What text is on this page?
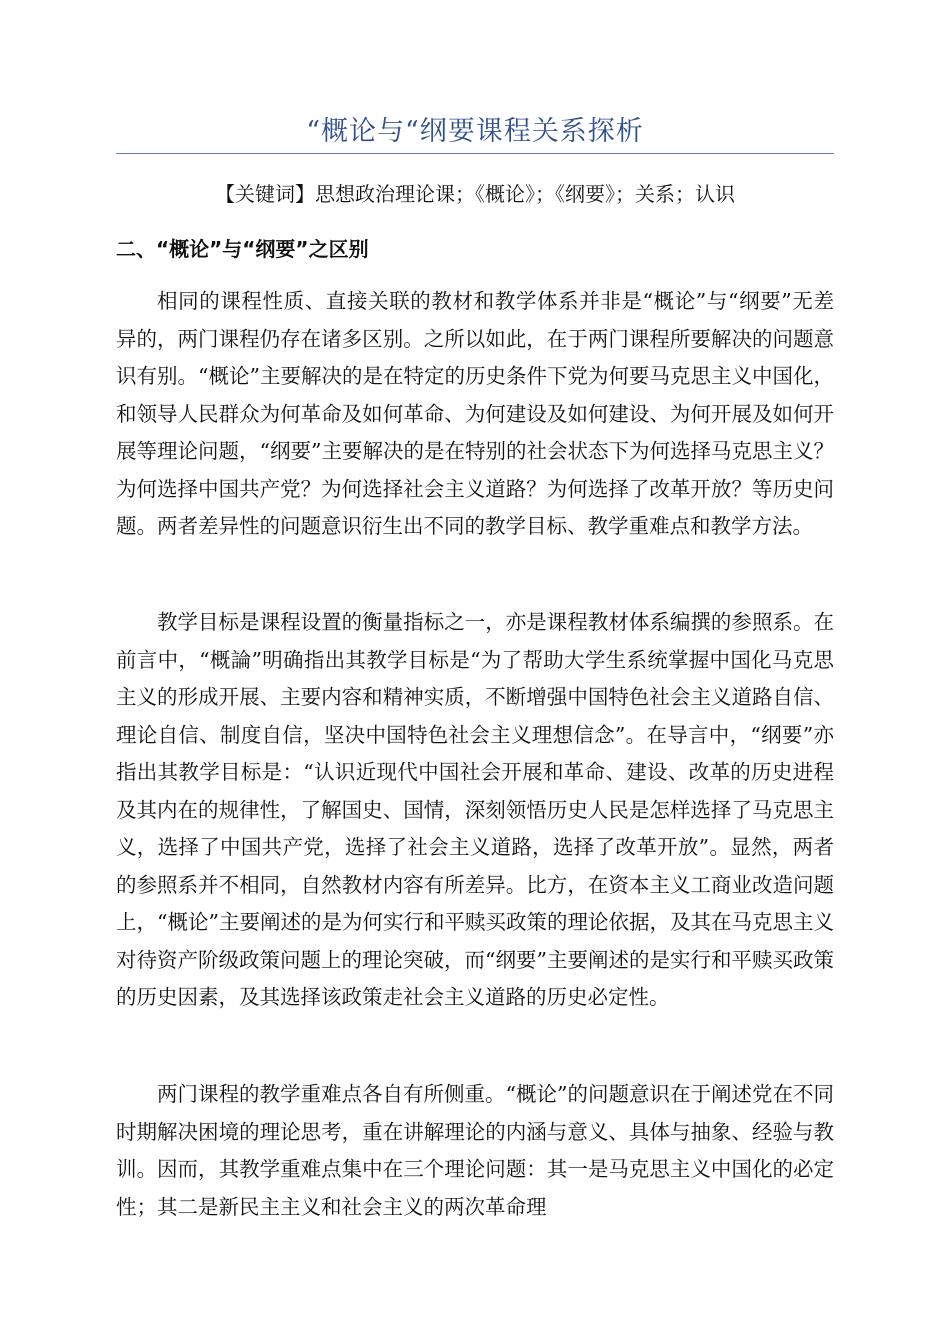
“概论与“纲要课程关系探析
【关键词】思想政治理论课；《概论》；《纲要》；关系；认识
二、“概论”与“纲要”之区别

相同的课程性质、直接关联的教材和教学体系并非是“概论”与“纲要”无差异的，两门课程仍存在诸多区别。之所以如此，在于两门课程所要解决的问题意识有别。“概论”主要解决的是在特定的历史条件下党为何要马克思主义中国化，和领导人民群众为何革命及如何革命、为何建设及如何建设、为何开展及如何开展等理论问题，“纲要”主要解决的是在特别的社会状态下为何选择马克思主义？为何选择中国共产党？为何选择社会主义道路？为何选择了改革开放？等历史问题。两者差异性的问题意识衍生出不同的教学目标、教学重难点和教学方法。

教学目标是课程设置的衡量指标之一，亦是课程教材体系编撰的参照系。在前言中，“概論”明确指出其教学目标是“为了帮助大学生系统掌握中国化马克思主义的形成开展、主要内容和精神实质，不断增强中国特色社会主义道路自信、理论自信、制度自信，坚决中国特色社会主义理想信念”。在导言中，“纲要”亦指出其教学目标是：“认识近现代中国社会开展和革命、建设、改革的历史进程及其内在的规律性，了解国史、国情，深刻领悟历史人民是怎样选择了马克思主义，选择了中国共产党，选择了社会主义道路，选择了改革开放”。显然，两者的参照系并不相同，自然教材内容有所差异。比方，在资本主义工商业改造问题上，“概论”主要阐述的是为何实行和平赎买政策的理论依据，及其在马克思主义对待资产阶级政策问题上的理论突破，而“纲要”主要阐述的是实行和平赎买政策的历史因素，及其选择该政策走社会主义道路的历史必定性。

两门课程的教学重难点各自有所侧重。“概论”的问题意识在于阐述党在不同时期解决困境的理论思考，重在讲解理论的内涵与意义、具体与抽象、经验与教训。因而，其教学重难点集中在三个理论问题：其一是马克思主义中国化的必定性；其二是新民主主义和社会主义的两次革命理
